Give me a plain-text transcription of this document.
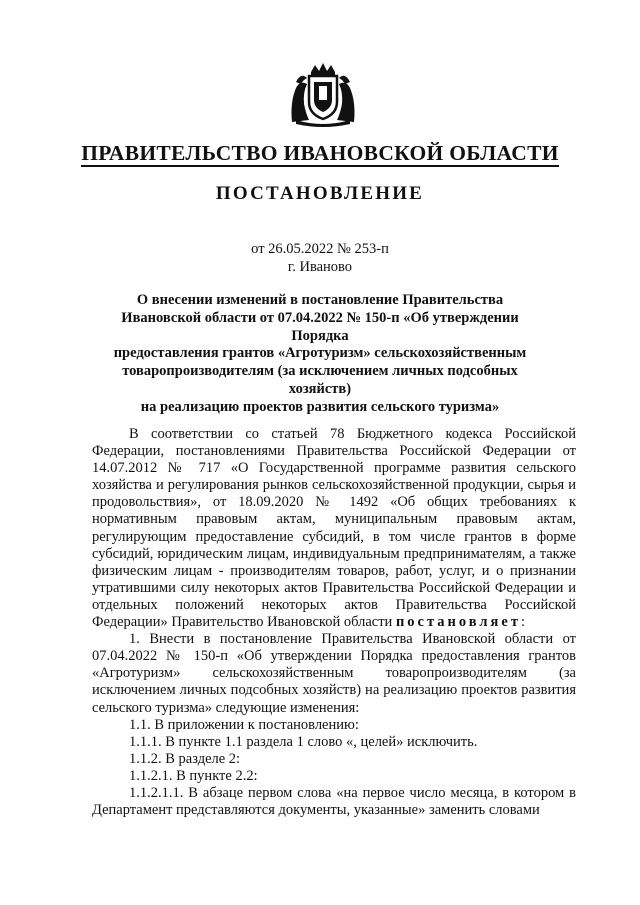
ПРАВИТЕЛЬСТВО ИВАНОВСКОЙ ОБЛАСТИ
ПОСТАНОВЛЕНИЕ
от 26.05.2022 № 253-п
г. Иваново
О внесении изменений в постановление Правительства
Ивановской области от 07.04.2022 № 150-п «Об утверждении Порядка
предоставления грантов «Агротуризм» сельскохозяйственным
товаропроизводителям (за исключением личных подсобных хозяйств)
на реализацию проектов развития сельского туризма»

В соответствии со статьей 78 Бюджетного кодекса Российской Федерации, постановлениями Правительства Российской Федерации от 14.07.2012 № 717 «О Государственной программе развития сельского хозяйства и регулирования рынков сельскохозяйственной продукции, сырья и продовольствия», от 18.09.2020 № 1492 «Об общих требованиях к нормативным правовым актам, муниципальным правовым актам, регулирующим предоставление субсидий, в том числе грантов в форме субсидий, юридическим лицам, индивидуальным предпринимателям, а также физическим лицам - производителям товаров, работ, услуг, и о признании утратившими силу некоторых актов Правительства Российской Федерации и отдельных положений некоторых актов Правительства Российской Федерации» Правительство Ивановской области постановляет:

1. Внести в постановление Правительства Ивановской области от 07.04.2022 № 150-п «Об утверждении Порядка предоставления грантов «Агротуризм» сельскохозяйственным товаропроизводителям (за исключением личных подсобных хозяйств) на реализацию проектов развития сельского туризма» следующие изменения:

1.1. В приложении к постановлению:

1.1.1. В пункте 1.1 раздела 1 слово «, целей» исключить.

1.1.2. В разделе 2:

1.1.2.1. В пункте 2.2:

1.1.2.1.1. В абзаце первом слова «на первое число месяца, в котором в Департамент представляются документы, указанные» заменить словами
